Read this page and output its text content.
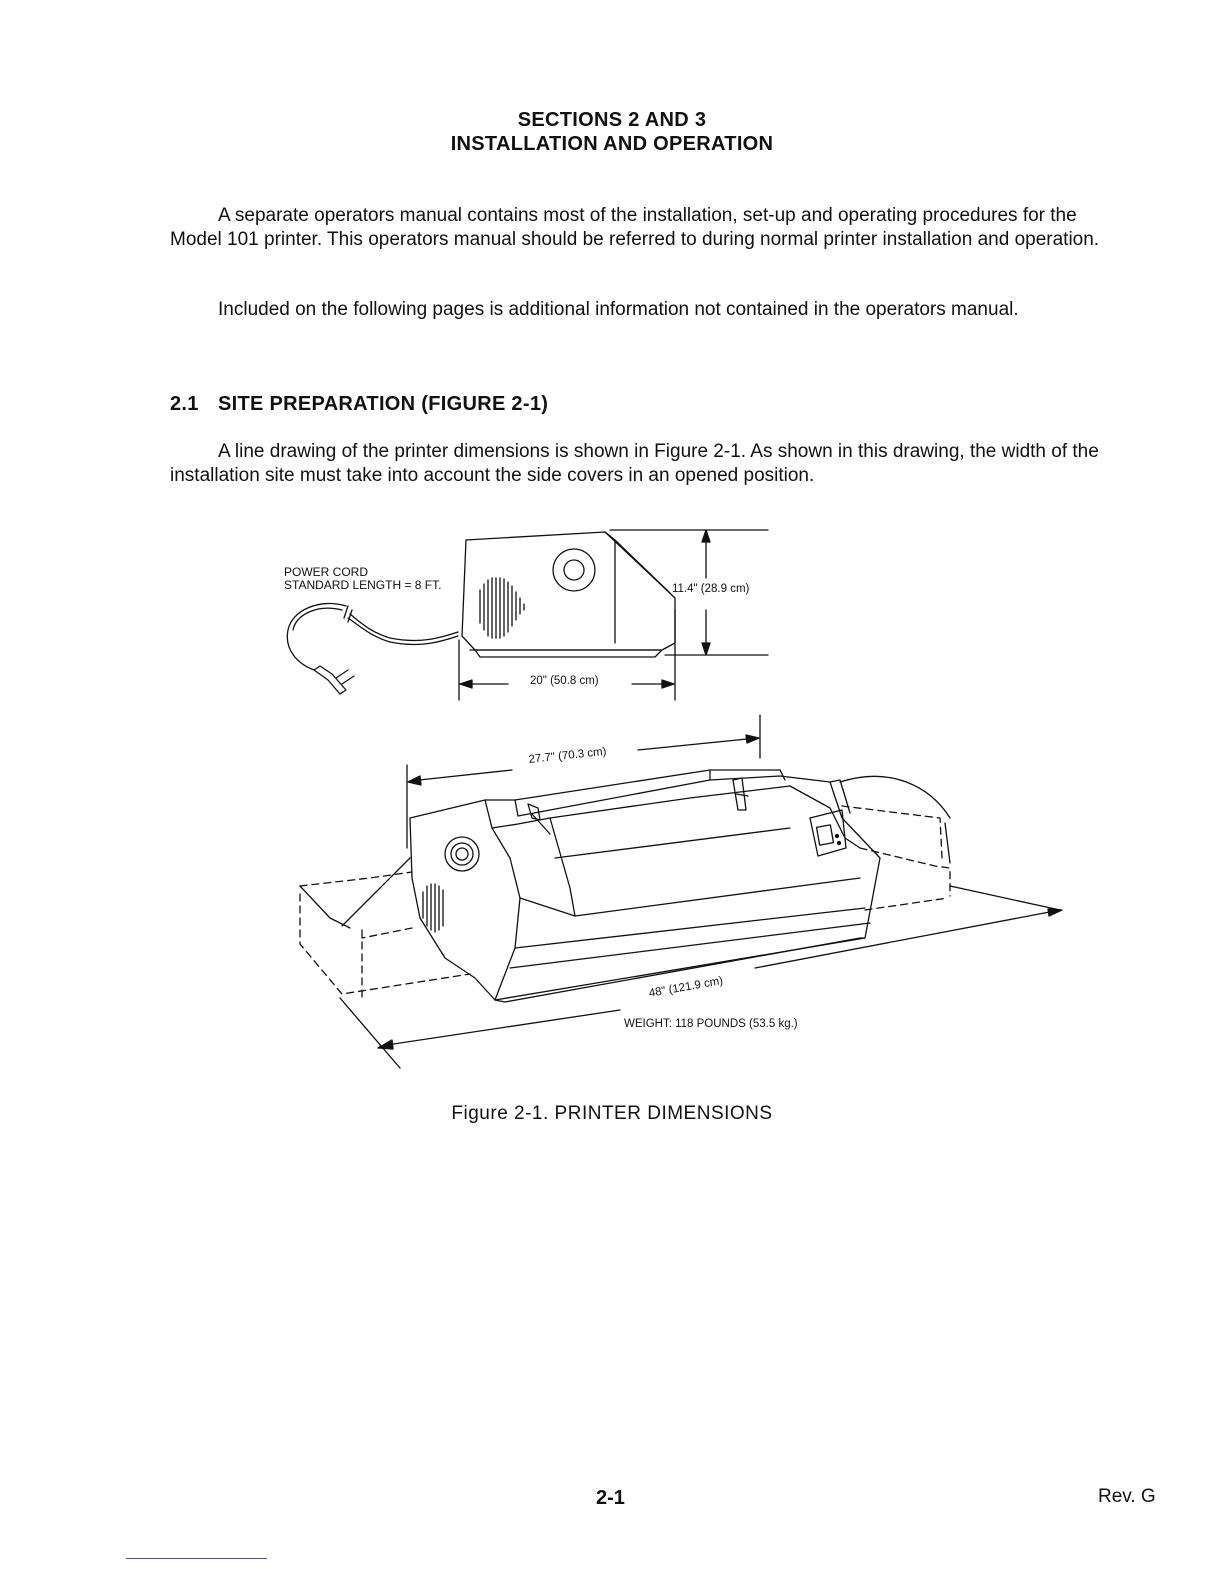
SECTIONS 2 AND 3
INSTALLATION AND OPERATION

A separate operators manual contains most of the installation, set-up and operating procedures for the Model 101 printer. This operators manual should be referred to during normal printer installation and operation.

Included on the following pages is additional information not contained in the operators manual.

2.1 SITE PREPARATION (FIGURE 2-1)

A line drawing of the printer dimensions is shown in Figure 2-1. As shown in this drawing, the width of the installation site must take into account the side covers in an opened position.

POWER CORD
STANDARD LENGTH = 8 FT.	11.4" (28.9 cm)
20" (50.8 cm)
27.7" (70.3 cm)
48" (121.9 cm)
WEIGHT: 118 POUNDS (53.5 kg.)
Figure 2-1. PRINTER DIMENSIONS
2-1	Rev. G
